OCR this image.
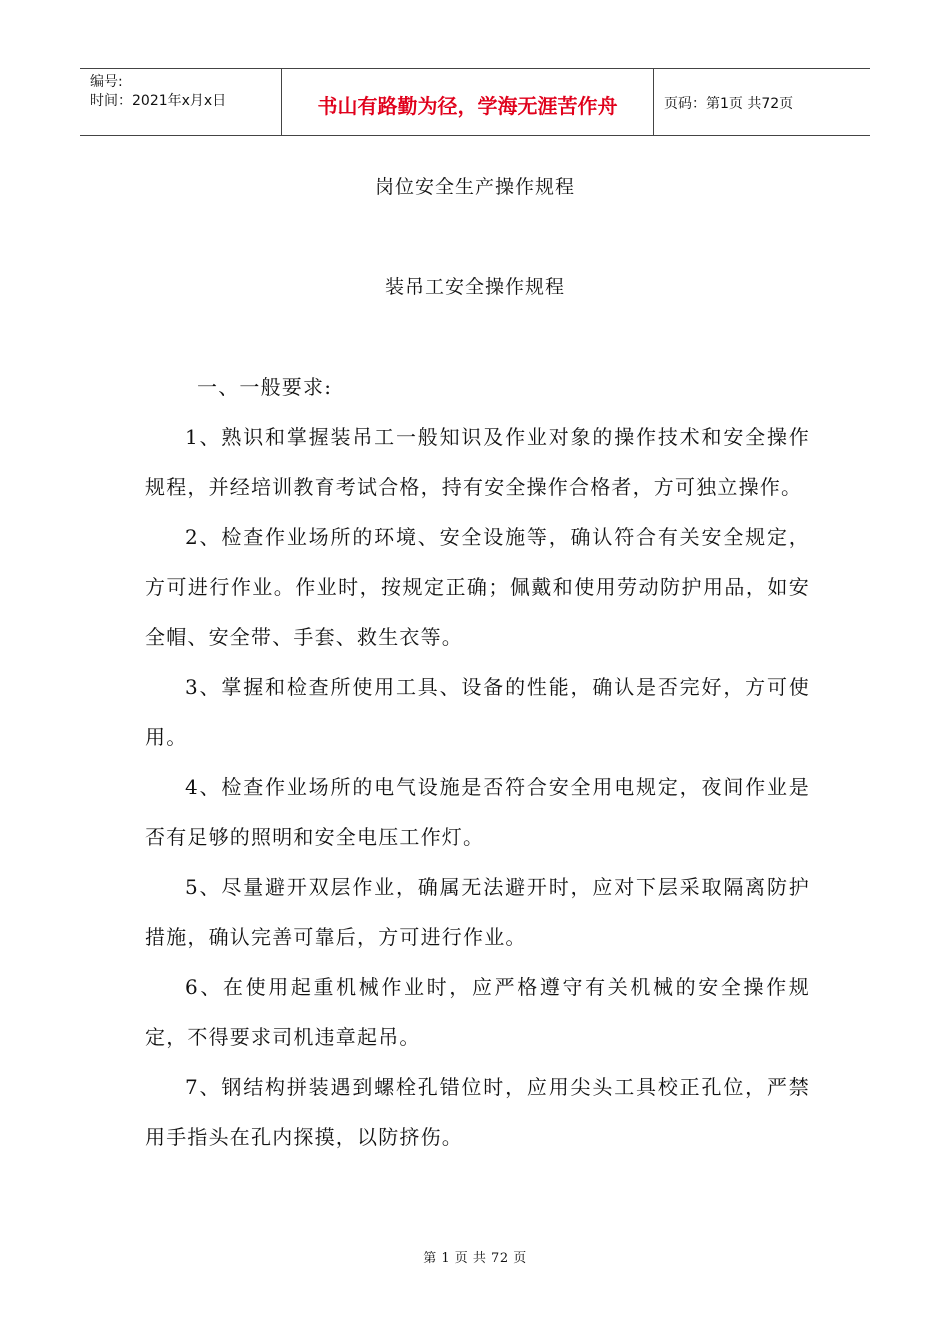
编号:
时间：2021年x月x日	书山有路勤为径，学海无涯苦作舟	页码：第1页 共72页
岗位安全生产操作规程
装吊工安全操作规程

一、一般要求:

1、熟识和掌握装吊工一般知识及作业对象的操作技术和安全操作规程，并经培训教育考试合格，持有安全操作合格者，方可独立操作。

2、检查作业场所的环境、安全设施等，确认符合有关安全规定，方可进行作业。作业时，按规定正确；佩戴和使用劳动防护用品，如安全帽、安全带、手套、救生衣等。

3、掌握和检查所使用工具、设备的性能，确认是否完好，方可使用。

4、检查作业场所的电气设施是否符合安全用电规定，夜间作业是否有足够的照明和安全电压工作灯。

5、尽量避开双层作业，确属无法避开时，应对下层采取隔离防护措施，确认完善可靠后，方可进行作业。

6、在使用起重机械作业时，应严格遵守有关机械的安全操作规定，不得要求司机违章起吊。

7、钢结构拼装遇到螺栓孔错位时，应用尖头工具校正孔位，严禁用手指头在孔内探摸，以防挤伤。

第 1 页 共 72 页
